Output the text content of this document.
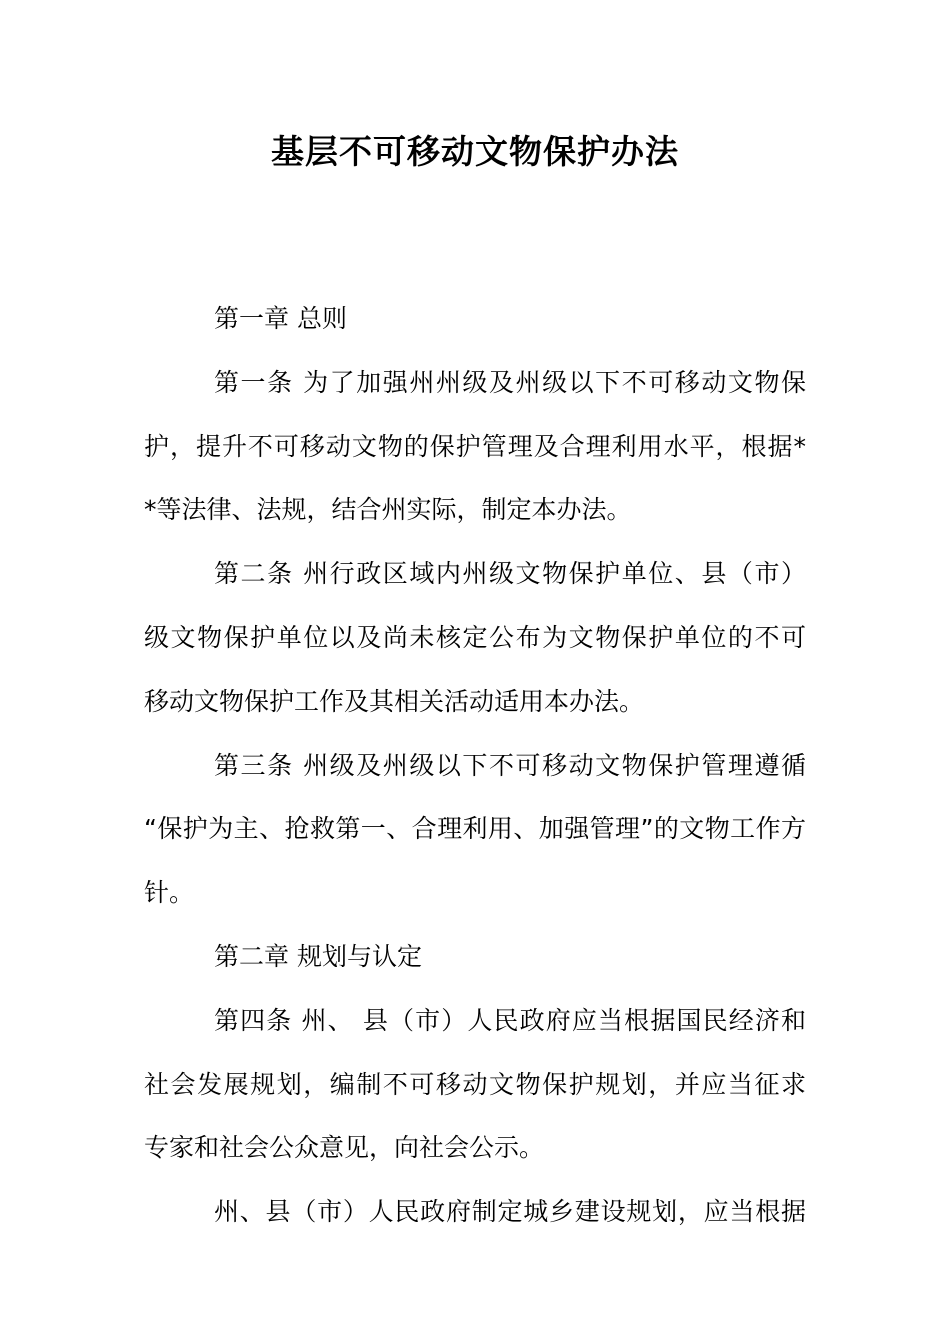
基层不可移动文物保护办法
第一章 总则
第一条 为了加强州州级及州级以下不可移动文物保
护，提升不可移动文物的保护管理及合理利用水平，根据*
*等法律、法规，结合州实际，制定本办法。
第二条 州行政区域内州级文物保护单位、县（市）
级文物保护单位以及尚未核定公布为文物保护单位的不可
移动文物保护工作及其相关活动适用本办法。
第三条 州级及州级以下不可移动文物保护管理遵循
“保护为主、抢救第一、合理利用、加强管理”的文物工作方
针。
第二章 规划与认定
第四条 州、 县（市）人民政府应当根据国民经济和
社会发展规划，编制不可移动文物保护规划，并应当征求
专家和社会公众意见，向社会公示。
州、县（市）人民政府制定城乡建设规划，应当根据
